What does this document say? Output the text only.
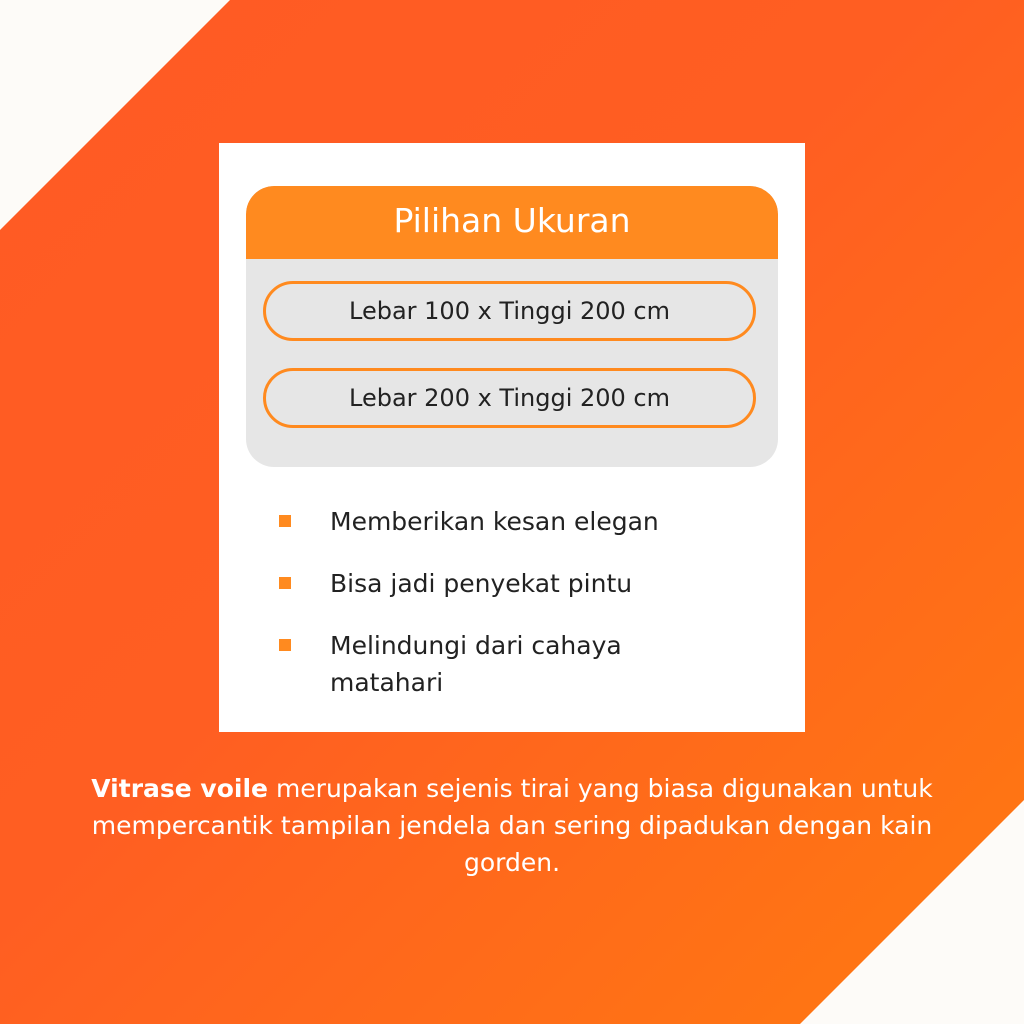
Pilihan Ukuran
Lebar 100 x Tinggi 200 cm
Lebar 200 x Tinggi 200 cm
Memberikan kesan elegan
Bisa jadi penyekat pintu
Melindungi dari cahaya matahari
Vitrase voile merupakan sejenis tirai yang biasa digunakan untuk mempercantik tampilan jendela dan sering dipadukan dengan kain gorden.
